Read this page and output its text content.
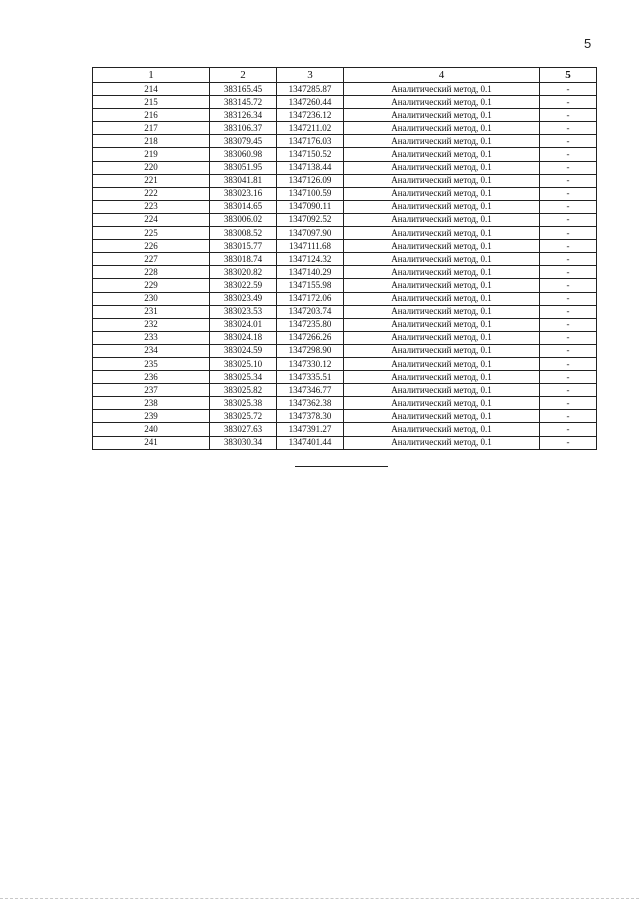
5
1	2	3	4	5
214	383165.45	1347285.87	Аналитический метод, 0.1	-
215	383145.72	1347260.44	Аналитический метод, 0.1	-
216	383126.34	1347236.12	Аналитический метод, 0.1	-
217	383106.37	1347211.02	Аналитический метод, 0.1	-
218	383079.45	1347176.03	Аналитический метод, 0.1	-
219	383060.98	1347150.52	Аналитический метод, 0.1	-
220	383051.95	1347138.44	Аналитический метод, 0.1	-
221	383041.81	1347126.09	Аналитический метод, 0.1	-
222	383023.16	1347100.59	Аналитический метод, 0.1	-
223	383014.65	1347090.11	Аналитический метод, 0.1	-
224	383006.02	1347092.52	Аналитический метод, 0.1	-
225	383008.52	1347097.90	Аналитический метод, 0.1	-
226	383015.77	1347111.68	Аналитический метод, 0.1	-
227	383018.74	1347124.32	Аналитический метод, 0.1	-
228	383020.82	1347140.29	Аналитический метод, 0.1	-
229	383022.59	1347155.98	Аналитический метод, 0.1	-
230	383023.49	1347172.06	Аналитический метод, 0.1	-
231	383023.53	1347203.74	Аналитический метод, 0.1	-
232	383024.01	1347235.80	Аналитический метод, 0.1	-
233	383024.18	1347266.26	Аналитический метод, 0.1	-
234	383024.59	1347298.90	Аналитический метод, 0.1	-
235	383025.10	1347330.12	Аналитический метод, 0.1	-
236	383025.34	1347335.51	Аналитический метод, 0.1	-
237	383025.82	1347346.77	Аналитический метод, 0.1	-
238	383025.38	1347362.38	Аналитический метод, 0.1	-
239	383025.72	1347378.30	Аналитический метод, 0.1	-
240	383027.63	1347391.27	Аналитический метод, 0.1	-
241	383030.34	1347401.44	Аналитический метод, 0.1	-
